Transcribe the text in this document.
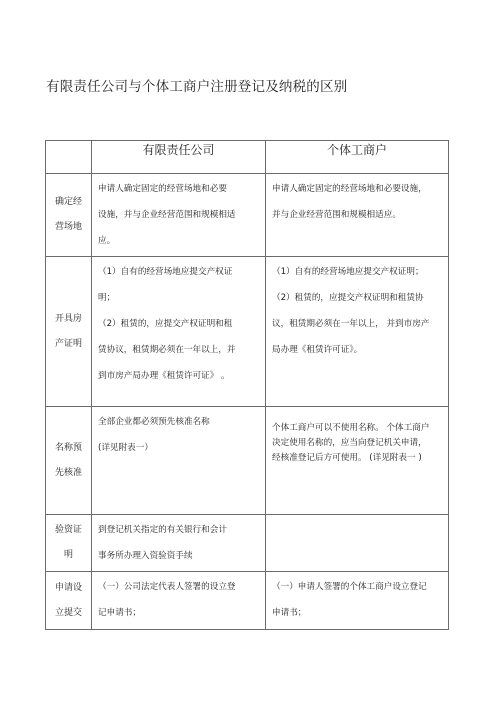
有限责任公司与个体工商户注册登记及纳税的区别
	有限责任公司	个体工商户

确定经
营场地	申请人确定固定的经营场地和必要
设施，并与企业经营范围和规模相适
应。	申请人确定固定的经营场地和必要设施，
并与企业经营范围和规模相适应。

开具房
产证明	（1）自有的经营场地应提交产权证
明；
（2）租赁的，应提交产权证明和租
赁协议，租赁期必须在一年以上，并
到市房产局办理《租赁许可证》 。	（1）自有的经营场地应提交产权证明；
（2）租赁的，应提交产权证明和租赁协
议，租赁期必须在一年以上， 并到市房产
局办理《租赁许可证》。

名称预
先核准	全部企业都必须预先核准名称
(详见附表一）	个体工商户可以不使用名称。 个体工商户
决定使用名称的，应当向登记机关申请，
经核准登记后方可使用。 (详见附表一 )

验资证
明	到登记机关指定的有关银行和会计
事务所办理入资验资手续	

申请设
立提交	（一）公司法定代表人签署的设立登
记申请书；	（一）申请人签署的个体工商户设立登记
申请书；
